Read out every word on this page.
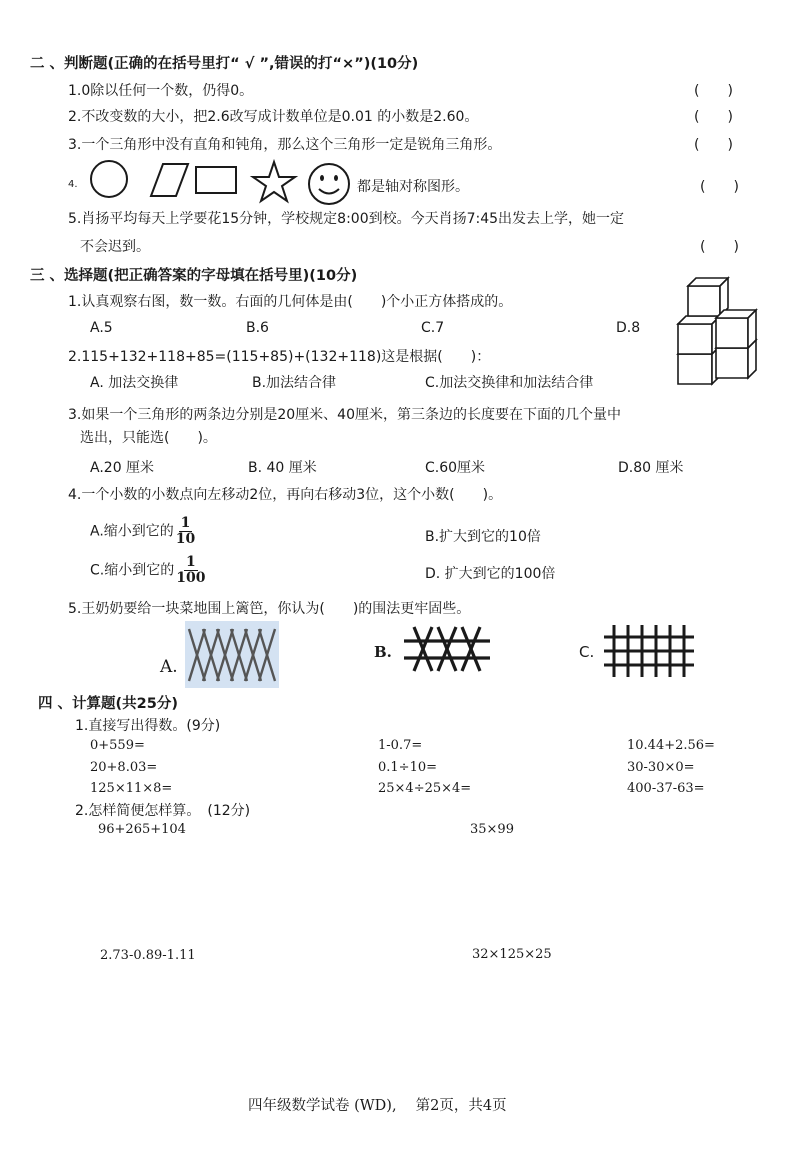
二 、判断题(正确的在括号里打“ √ ”,错误的打“×”)(10分)
1.0除以任何一个数，仍得0。	(　　)
2.不改变数的大小，把2.6改写成计数单位是0.01 的小数是2.60。	(　　)
3.一个三角形中没有直角和钝角，那么这个三角形一定是锐角三角形。	(　　)
4.	都是轴对称图形。	(　　)
5.肖扬平均每天上学要花15分钟，学校规定8:00到校。今天肖扬7:45出发去上学，她一定
不会迟到。	(　　)
三 、选择题(把正确答案的字母填在括号里)(10分)
1.认真观察右图，数一数。右面的几何体是由(　　)个小正方体搭成的。
A.5	B.6	C.7	D.8
2.115+132+118+85=(115+85)+(132+118)这是根据(　　)：
A. 加法交换律	B.加法结合律	C.加法交换律和加法结合律
3.如果一个三角形的两条边分别是20厘米、40厘米，第三条边的长度要在下面的几个量中
选出，只能选(　　)。
A.20 厘米	B. 40 厘米	C.60厘米	D.80 厘米
4.一个小数的小数点向左移动2位，再向右移动3位，这个小数(　　)。
A.缩小到它的 $\frac{1}{10}$	B.扩大到它的10倍
C.缩小到它的 $\frac{1}{100}$	D. 扩大到它的100倍
5.王奶奶要给一块菜地围上篱笆，你认为(　　)的围法更牢固些。
A.
B.	C.
四 、计算题(共25分)
1.直接写出得数。(9分)
0+559=	1-0.7=	10.44+2.56=
20+8.03=	0.1÷10=	30-30×0=
125×11×8=	25×4÷25×4=	400-37-63=
2.怎样简便怎样算。　(12分)
96+265+104	35×99
2.73-0.89-1.11	32×125×25
四年级数学试卷 (WD),　 第2页，共4页
